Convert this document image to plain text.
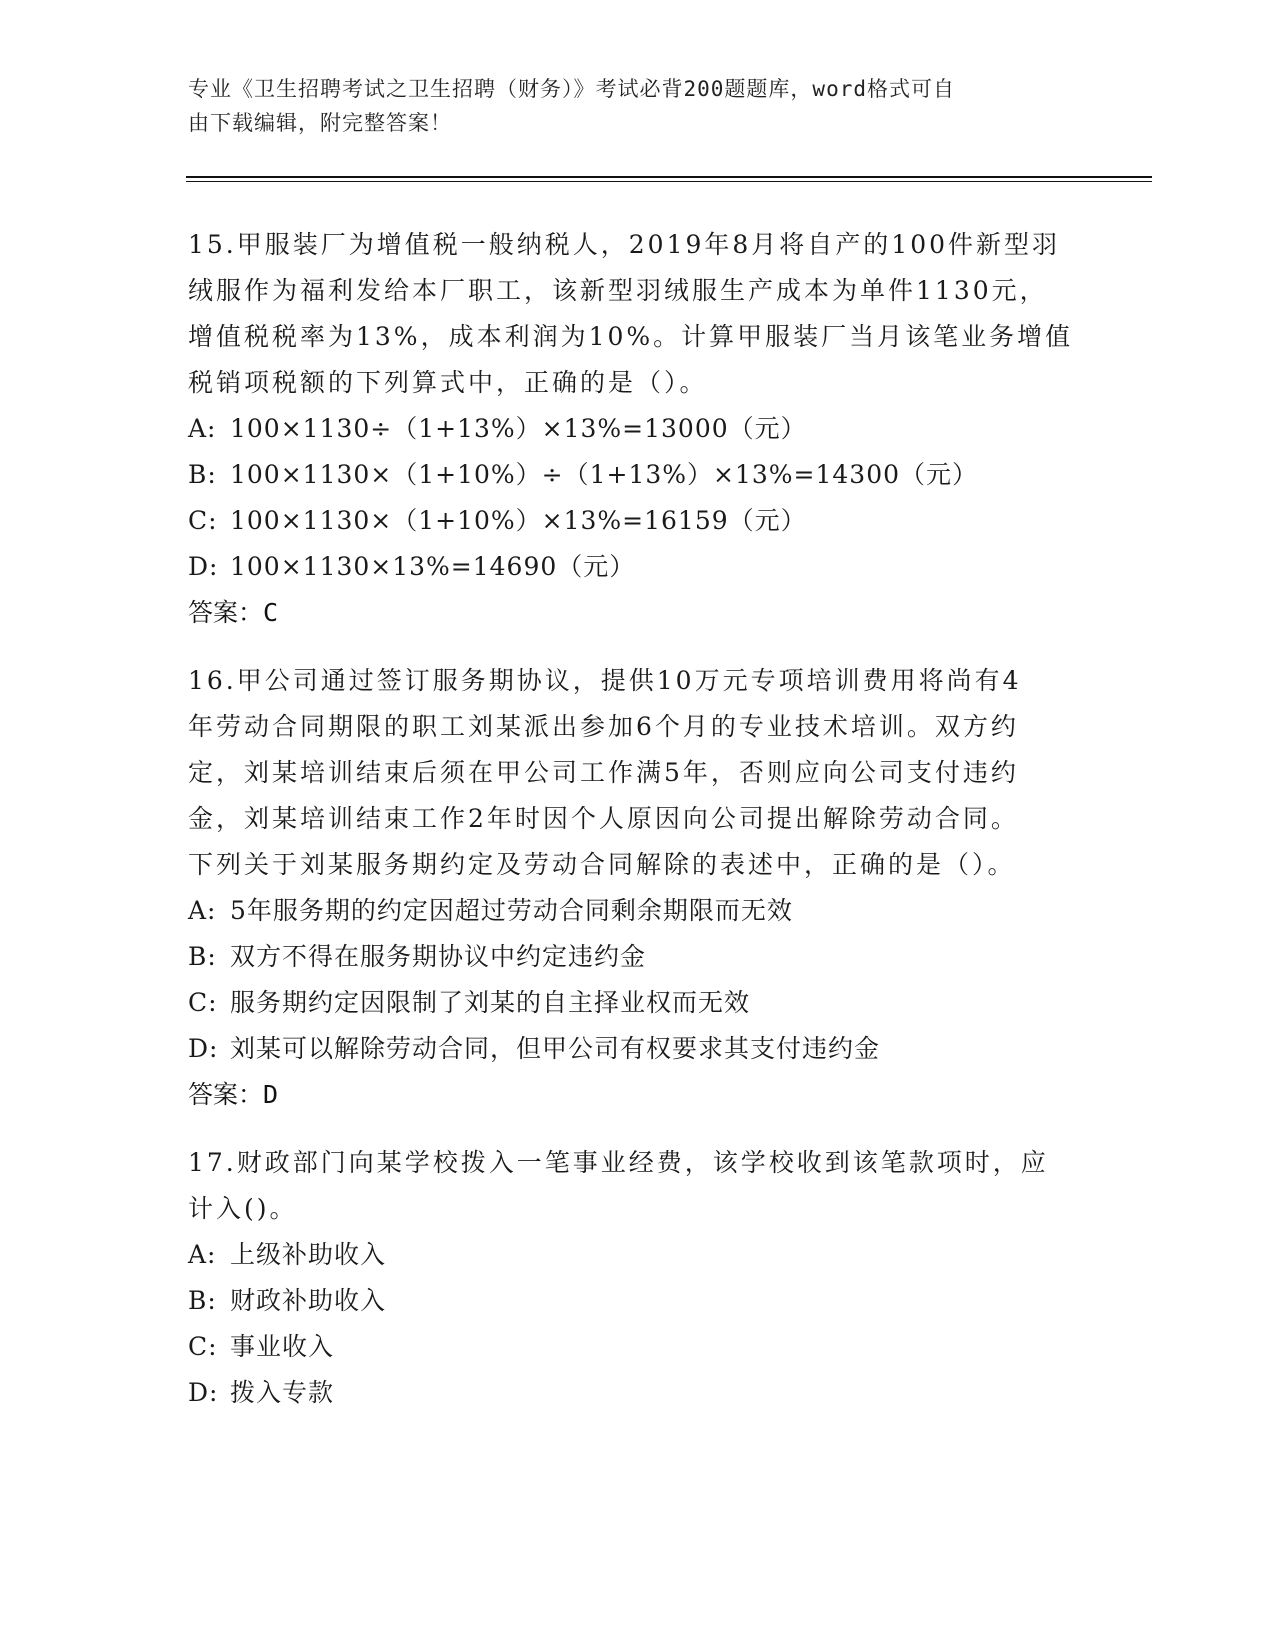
专业《卫生招聘考试之卫生招聘（财务）》考试必背200题题库，word格式可自
由下载编辑，附完整答案！

15.甲服装厂为增值税一般纳税人，2019年8月将自产的100件新型羽

绒服作为福利发给本厂职工，该新型羽绒服生产成本为单件1130元，

增值税税率为13%，成本利润为10%。计算甲服装厂当月该笔业务增值

税销项税额的下列算式中，正确的是（）。

A: 100×1130÷（1+13%）×13%=13000（元）

B: 100×1130×（1+10%）÷（1+13%）×13%=14300（元）

C: 100×1130×（1+10%）×13%=16159（元）

D: 100×1130×13%=14690（元）

答案：C

16.甲公司通过签订服务期协议，提供10万元专项培训费用将尚有4

年劳动合同期限的职工刘某派出参加6个月的专业技术培训。双方约

定，刘某培训结束后须在甲公司工作满5年，否则应向公司支付违约

金，刘某培训结束工作2年时因个人原因向公司提出解除劳动合同。

下列关于刘某服务期约定及劳动合同解除的表述中，正确的是（）。

A: 5年服务期的约定因超过劳动合同剩余期限而无效

B: 双方不得在服务期协议中约定违约金

C: 服务期约定因限制了刘某的自主择业权而无效

D: 刘某可以解除劳动合同，但甲公司有权要求其支付违约金

答案：D

17.财政部门向某学校拨入一笔事业经费，该学校收到该笔款项时，应

计入()。

A: 上级补助收入

B: 财政补助收入

C: 事业收入

D: 拨入专款
